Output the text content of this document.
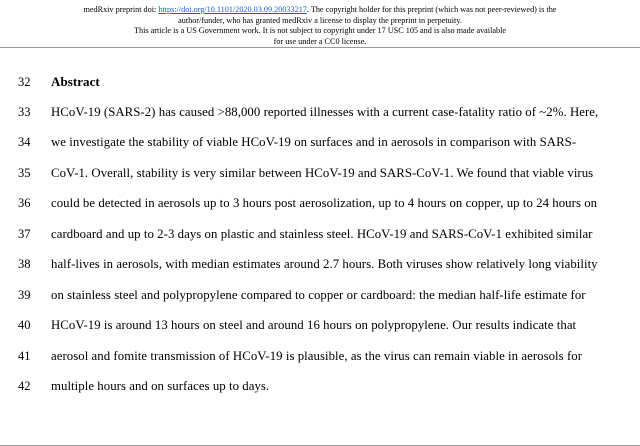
medRxiv preprint doi: https://doi.org/10.1101/2020.03.09.20033217. The copyright holder for this preprint (which was not peer-reviewed) is the
author/funder, who has granted medRxiv a license to display the preprint in perpetuity.
This article is a US Government work. It is not subject to copyright under 17 USC 105 and is also made available
for use under a CC0 license.
32	Abstract
33	HCoV-19 (SARS-2) has caused >88,000 reported illnesses with a current case-fatality ratio of ~2%. Here,
34	we investigate the stability of viable HCoV-19 on surfaces and in aerosols in comparison with SARS-
35	CoV-1. Overall, stability is very similar between HCoV-19 and SARS-CoV-1. We found that viable virus
36	could be detected in aerosols up to 3 hours post aerosolization, up to 4 hours on copper, up to 24 hours on
37	cardboard and up to 2-3 days on plastic and stainless steel. HCoV-19 and SARS-CoV-1 exhibited similar
38	half-lives in aerosols, with median estimates around 2.7 hours. Both viruses show relatively long viability
39	on stainless steel and polypropylene compared to copper or cardboard: the median half-life estimate for
40	HCoV-19 is around 13 hours on steel and around 16 hours on polypropylene. Our results indicate that
41	aerosol and fomite transmission of HCoV-19 is plausible, as the virus can remain viable in aerosols for
42	multiple hours and on surfaces up to days.
